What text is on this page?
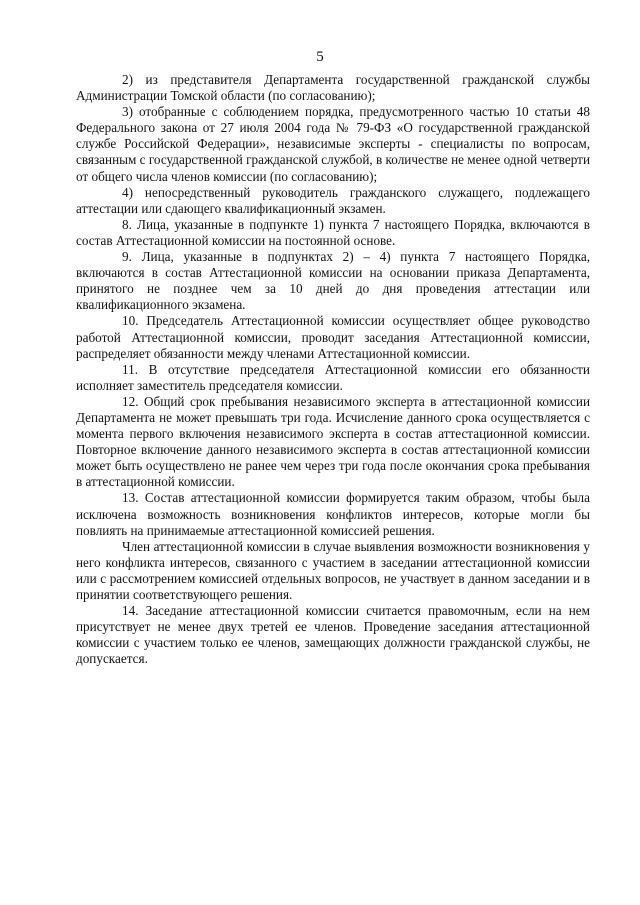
5

2) из представителя Департамента государственной гражданской службы Администрации Томской области (по согласованию);

3) отобранные с соблюдением порядка, предусмотренного частью 10 статьи 48 Федерального закона от 27 июля 2004 года № 79-ФЗ «О государственной гражданской службе Российской Федерации», независимые эксперты - специалисты по вопросам, связанным с государственной гражданской службой, в количестве не менее одной четверти от общего числа членов комиссии (по согласованию);

4) непосредственный руководитель гражданского служащего, подлежащего аттестации или сдающего квалификационный экзамен.

8. Лица, указанные в подпункте 1) пункта 7 настоящего Порядка, включаются в состав Аттестационной комиссии на постоянной основе.

9. Лица, указанные в подпунктах 2) – 4) пункта 7 настоящего Порядка, включаются в состав Аттестационной комиссии на основании приказа Департамента, принятого не позднее чем за 10 дней до дня проведения аттестации или квалификационного экзамена.

10. Председатель Аттестационной комиссии осуществляет общее руководство работой Аттестационной комиссии, проводит заседания Аттестационной комиссии, распределяет обязанности между членами Аттестационной комиссии.

11. В отсутствие председателя Аттестационной комиссии его обязанности исполняет заместитель председателя комиссии.

12. Общий срок пребывания независимого эксперта в аттестационной комиссии Департамента не может превышать три года. Исчисление данного срока осуществляется с момента первого включения независимого эксперта в состав аттестационной комиссии. Повторное включение данного независимого эксперта в состав аттестационной комиссии может быть осуществлено не ранее чем через три года после окончания срока пребывания в аттестационной комиссии.

13. Состав аттестационной комиссии формируется таким образом, чтобы была исключена возможность возникновения конфликтов интересов, которые могли бы повлиять на принимаемые аттестационной комиссией решения.

Член аттестационной комиссии в случае выявления возможности возникновения у него конфликта интересов, связанного с участием в заседании аттестационной комиссии или с рассмотрением комиссией отдельных вопросов, не участвует в данном заседании и в принятии соответствующего решения.

14. Заседание аттестационной комиссии считается правомочным, если на нем присутствует не менее двух третей ее членов. Проведение заседания аттестационной комиссии с участием только ее членов, замещающих должности гражданской службы, не допускается.
